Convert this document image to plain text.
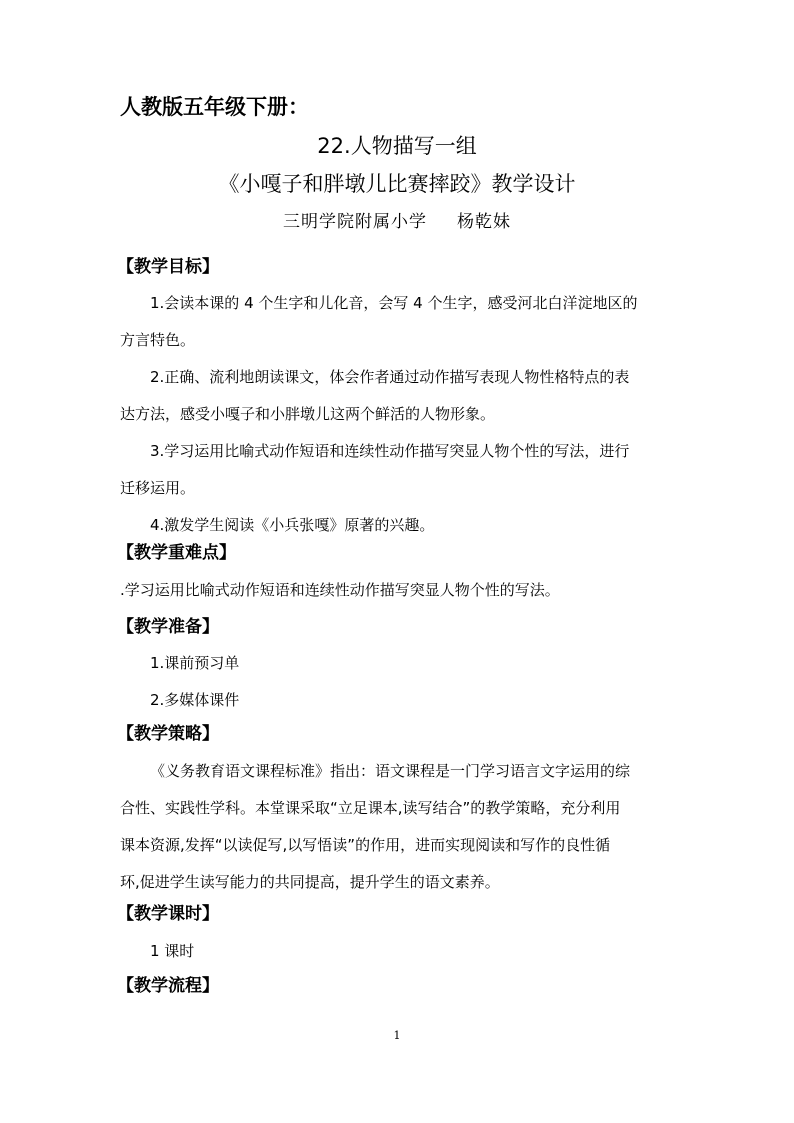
人教版五年级下册：
22.人物描写一组
《小嘎子和胖墩儿比赛摔跤》教学设计
三明学院附属小学 杨乾妹
【教学目标】
1.会读本课的 4 个生字和儿化音，会写 4 个生字，感受河北白洋淀地区的
方言特色。
2.正确、流利地朗读课文，体会作者通过动作描写表现人物性格特点的表
达方法，感受小嘎子和小胖墩儿这两个鲜活的人物形象。
3.学习运用比喻式动作短语和连续性动作描写突显人物个性的写法，进行
迁移运用。
4.激发学生阅读《小兵张嘎》原著的兴趣。
【教学重难点】
.学习运用比喻式动作短语和连续性动作描写突显人物个性的写法。
【教学准备】
1.课前预习单
2.多媒体课件
【教学策略】
《义务教育语文课程标准》指出：语文课程是一门学习语言文字运用的综
合性、实践性学科。本堂课采取“立足课本,读写结合”的教学策略，充分利用
课本资源,发挥“以读促写,以写悟读”的作用，进而实现阅读和写作的良性循
环,促进学生读写能力的共同提高，提升学生的语文素养。
【教学课时】
1 课时
【教学流程】
1
